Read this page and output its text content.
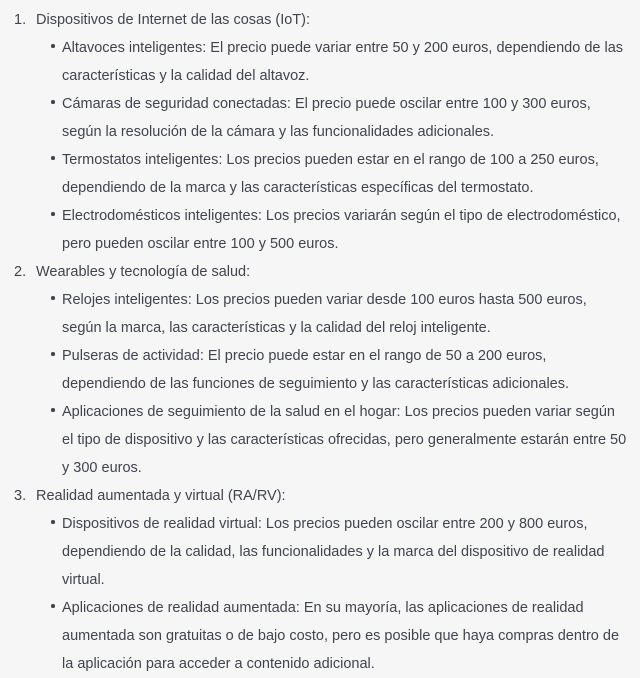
1. Dispositivos de Internet de las cosas (IoT):
Altavoces inteligentes: El precio puede variar entre 50 y 200 euros, dependiendo de las características y la calidad del altavoz.
Cámaras de seguridad conectadas: El precio puede oscilar entre 100 y 300 euros, según la resolución de la cámara y las funcionalidades adicionales.
Termostatos inteligentes: Los precios pueden estar en el rango de 100 a 250 euros, dependiendo de la marca y las características específicas del termostato.
Electrodomésticos inteligentes: Los precios variarán según el tipo de electrodoméstico, pero pueden oscilar entre 100 y 500 euros.
2. Wearables y tecnología de salud:
Relojes inteligentes: Los precios pueden variar desde 100 euros hasta 500 euros, según la marca, las características y la calidad del reloj inteligente.
Pulseras de actividad: El precio puede estar en el rango de 50 a 200 euros, dependiendo de las funciones de seguimiento y las características adicionales.
Aplicaciones de seguimiento de la salud en el hogar: Los precios pueden variar según el tipo de dispositivo y las características ofrecidas, pero generalmente estarán entre 50 y 300 euros.
3. Realidad aumentada y virtual (RA/RV):
Dispositivos de realidad virtual: Los precios pueden oscilar entre 200 y 800 euros, dependiendo de la calidad, las funcionalidades y la marca del dispositivo de realidad virtual.
Aplicaciones de realidad aumentada: En su mayoría, las aplicaciones de realidad aumentada son gratuitas o de bajo costo, pero es posible que haya compras dentro de la aplicación para acceder a contenido adicional.
